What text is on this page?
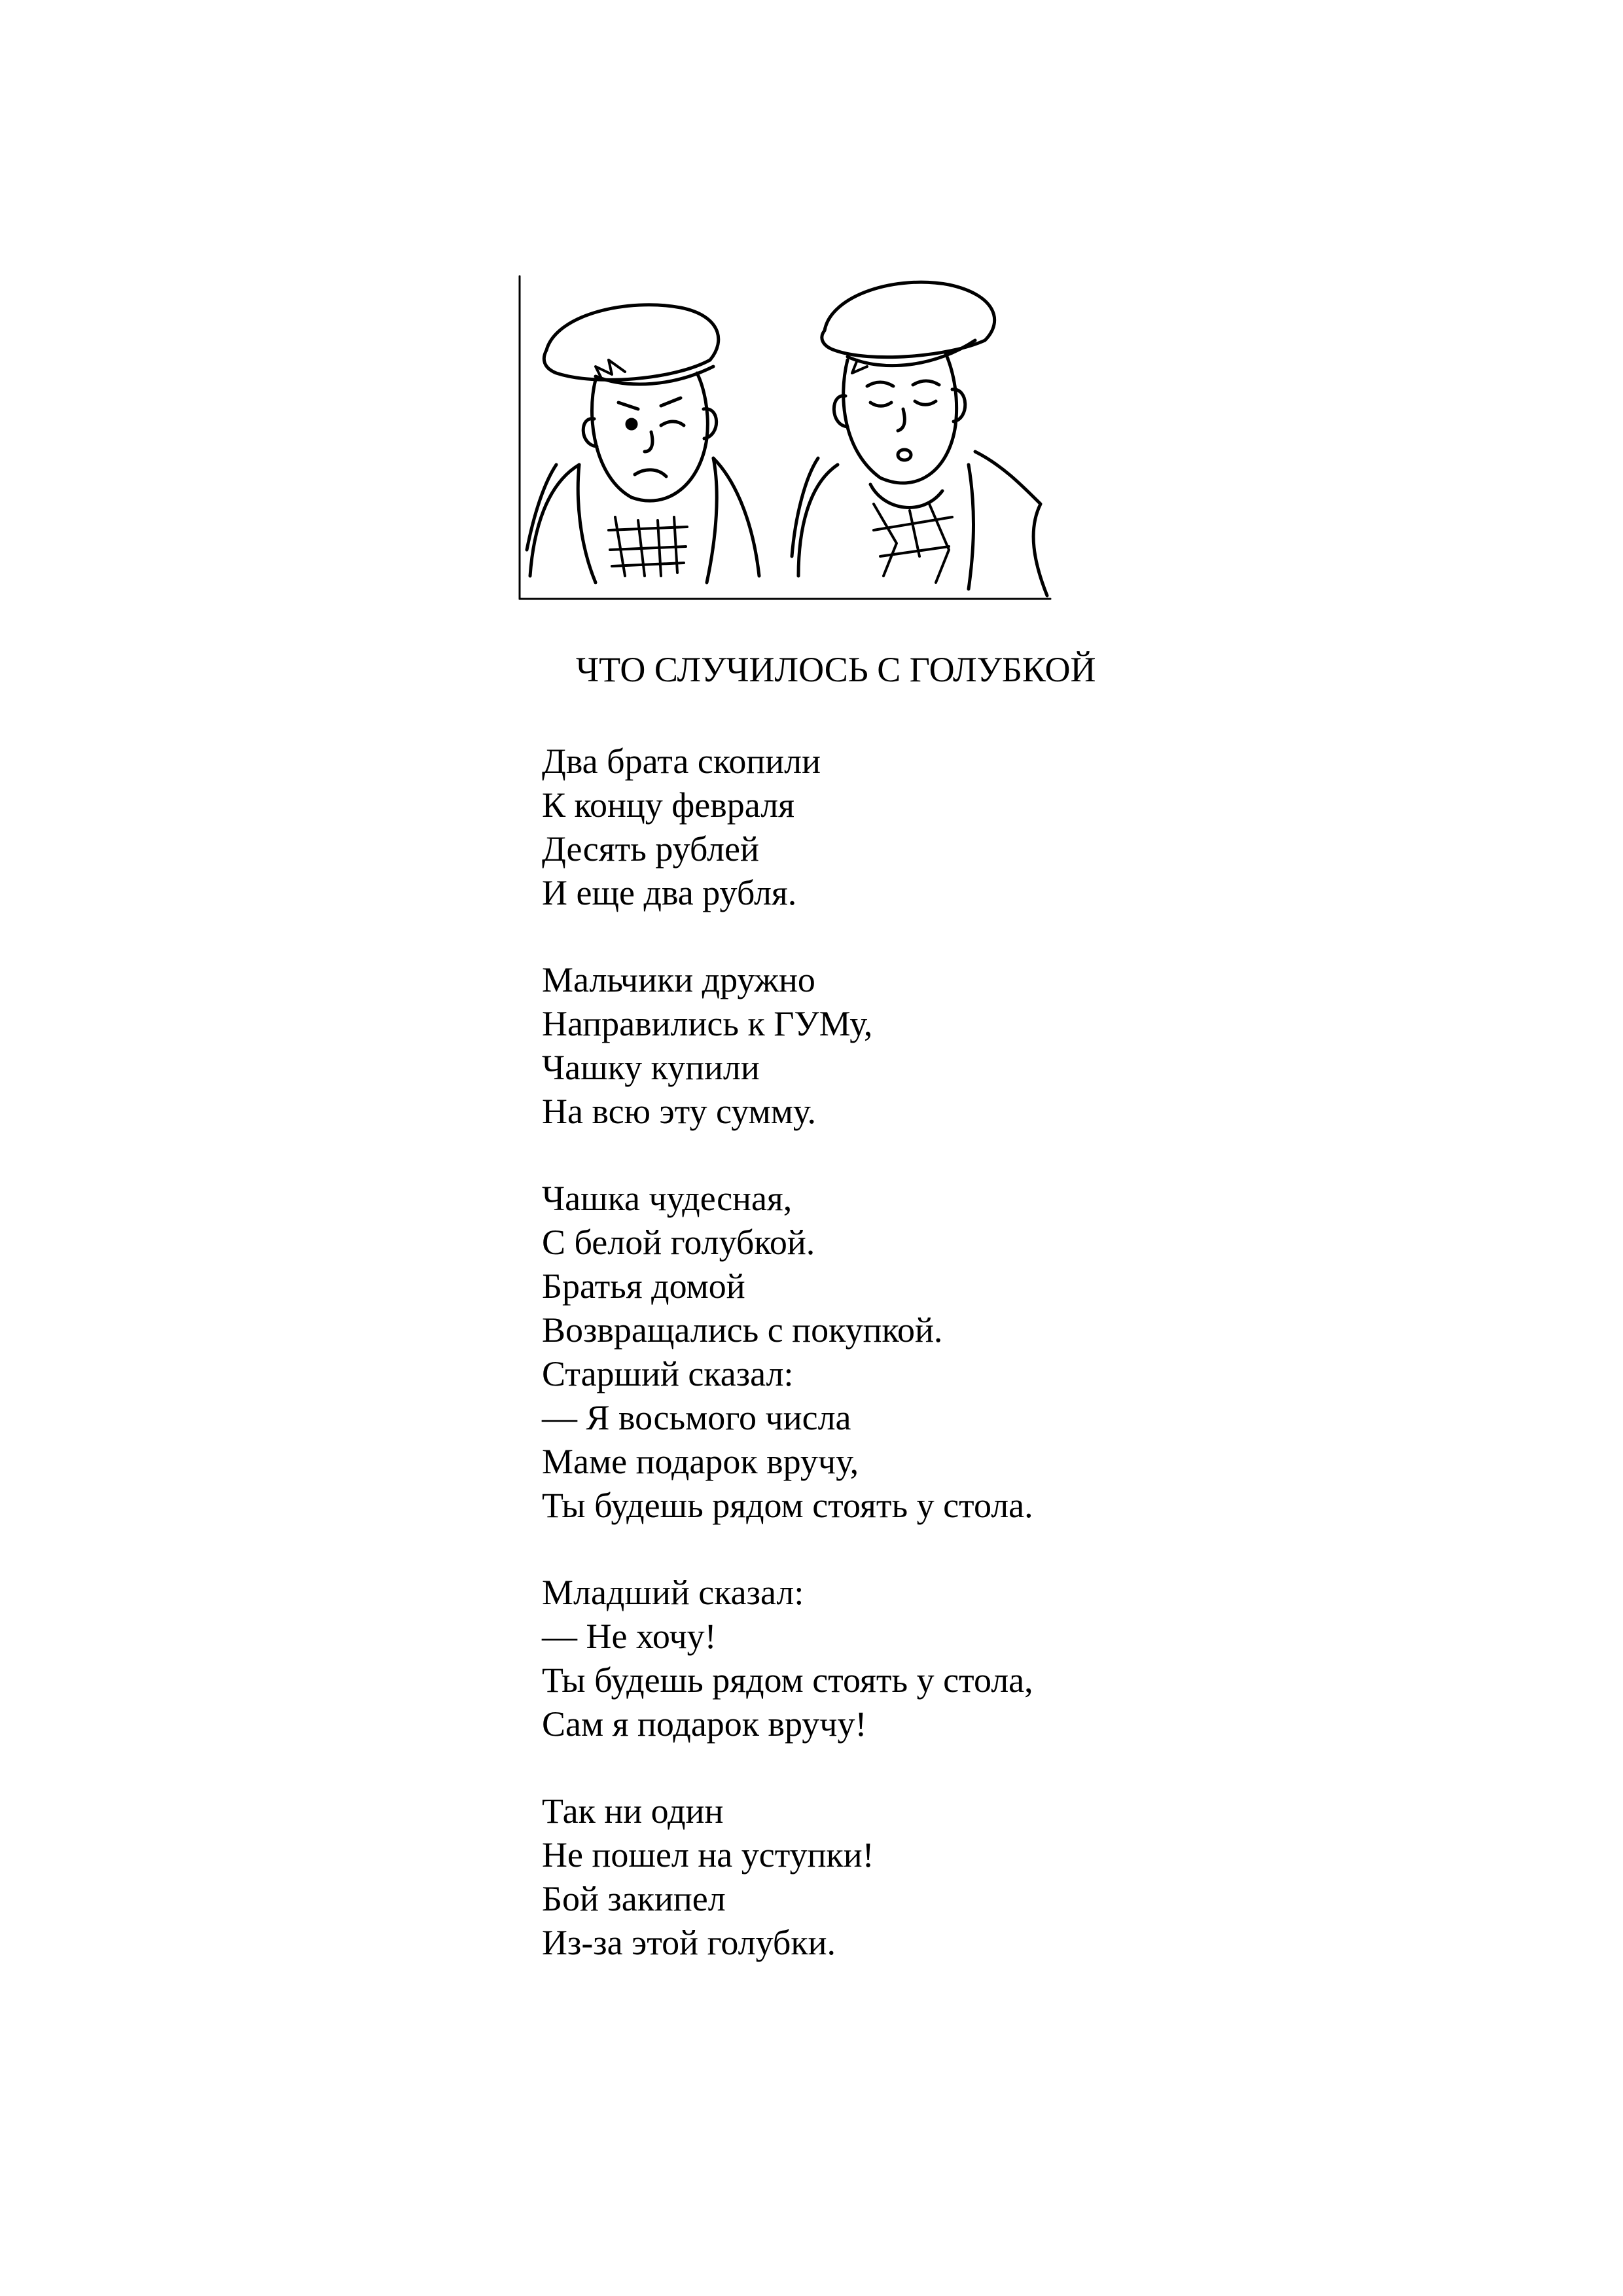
ЧТО СЛУЧИЛОСЬ С ГОЛУБКОЙ
Два брата скопили
К концу февраля
Десять рублей
И еще два рубля.
Мальчики дружно
Направились к ГУМу,
Чашку купили
На всю эту сумму.
Чашка чудесная,
С белой голубкой.
Братья домой
Возвращались с покупкой.
Старший сказал:
— Я восьмого числа
Маме подарок вручу,
Ты будешь рядом стоять у стола.
Младший сказал:
— Не хочу!
Ты будешь рядом стоять у стола,
Сам я подарок вручу!
Так ни один
Не пошел на уступки!
Бой закипел
Из-за этой голубки.
